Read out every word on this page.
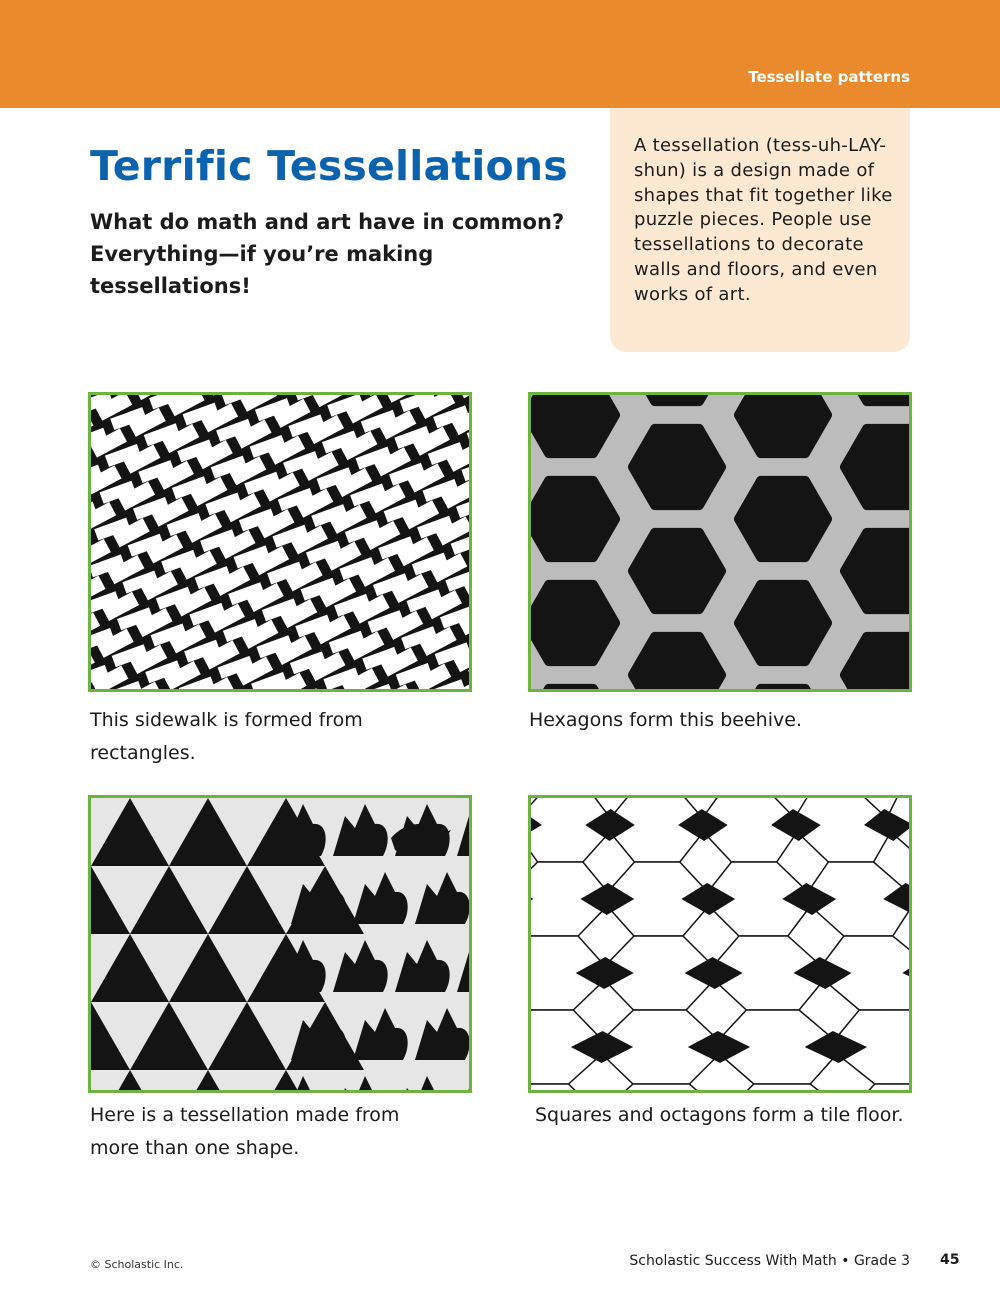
Tessellate patterns
Terrific Tessellations

What do math and art have in common? Everything—if you’re making tessellations!

A tessellation (tess-uh-LAY-shun) is a design made of shapes that fit together like puzzle pieces. People use tessellations to decorate walls and floors, and even works of art.

This sidewalk is formed from rectangles.

Hexagons form this beehive.

Here is a tessellation made from more than one shape.

Squares and octagons form a tile floor.

© Scholastic Inc.	Scholastic Success With Math • Grade 3 45
